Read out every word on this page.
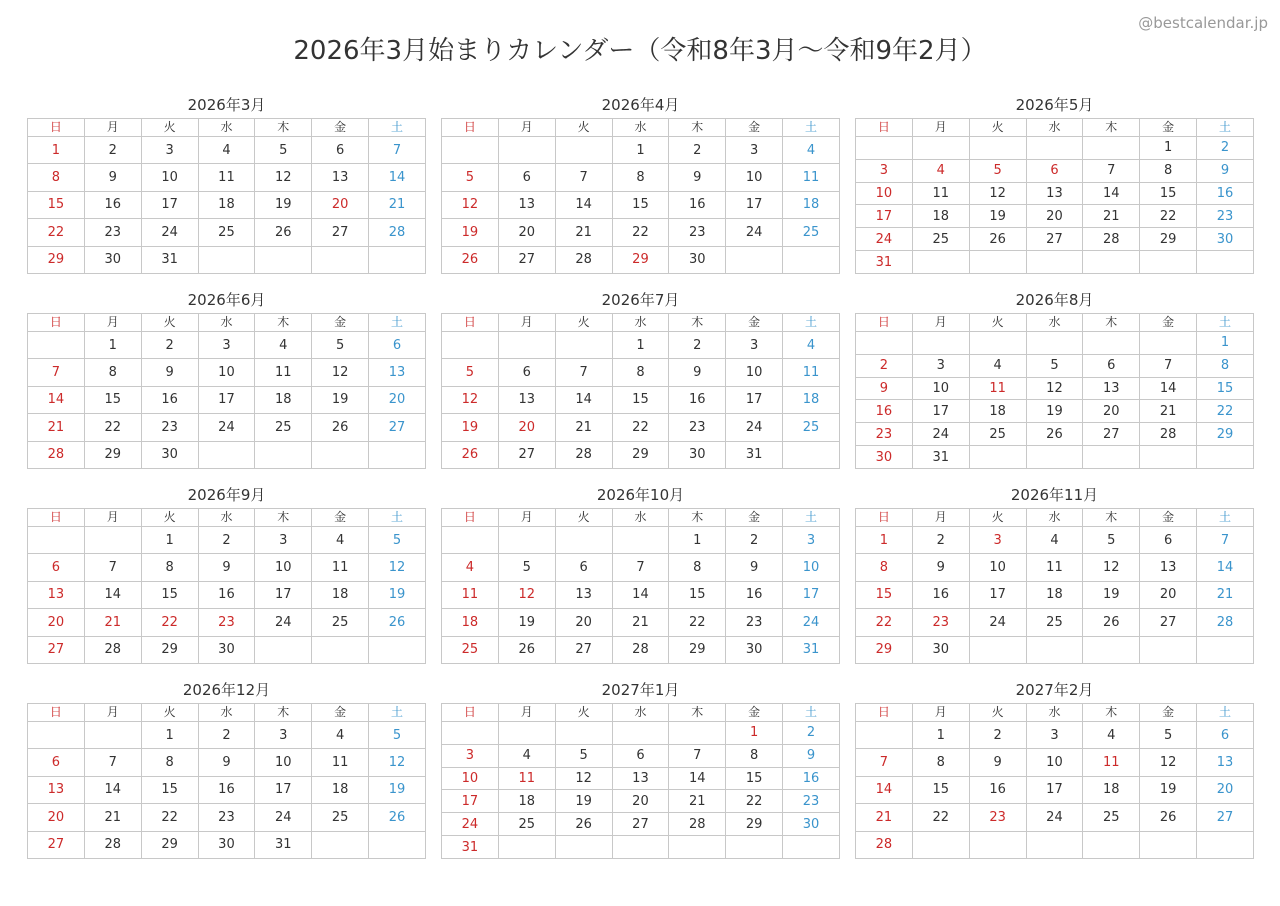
@bestcalendar.jp

2026年3月始まりカレンダー（令和8年3月〜令和9年2月）
2026年3月
日	月	火	水	木	金	土
1	2	3	4	5	6	7
8	9	10	11	12	13	14
15	16	17	18	19	20	21
22	23	24	25	26	27	28
29	30	31				
2026年4月
日	月	火	水	木	金	土
			1	2	3	4
5	6	7	8	9	10	11
12	13	14	15	16	17	18
19	20	21	22	23	24	25
26	27	28	29	30		
2026年5月
日	月	火	水	木	金	土
					1	2
3	4	5	6	7	8	9
10	11	12	13	14	15	16
17	18	19	20	21	22	23
24	25	26	27	28	29	30
31						
2026年6月
日	月	火	水	木	金	土
	1	2	3	4	5	6
7	8	9	10	11	12	13
14	15	16	17	18	19	20
21	22	23	24	25	26	27
28	29	30				
2026年7月
日	月	火	水	木	金	土
			1	2	3	4
5	6	7	8	9	10	11
12	13	14	15	16	17	18
19	20	21	22	23	24	25
26	27	28	29	30	31	
2026年8月
日	月	火	水	木	金	土
						1
2	3	4	5	6	7	8
9	10	11	12	13	14	15
16	17	18	19	20	21	22
23	24	25	26	27	28	29
30	31					
2026年9月
日	月	火	水	木	金	土
		1	2	3	4	5
6	7	8	9	10	11	12
13	14	15	16	17	18	19
20	21	22	23	24	25	26
27	28	29	30			
2026年10月
日	月	火	水	木	金	土
				1	2	3
4	5	6	7	8	9	10
11	12	13	14	15	16	17
18	19	20	21	22	23	24
25	26	27	28	29	30	31
2026年11月
日	月	火	水	木	金	土
1	2	3	4	5	6	7
8	9	10	11	12	13	14
15	16	17	18	19	20	21
22	23	24	25	26	27	28
29	30					
2026年12月
日	月	火	水	木	金	土
		1	2	3	4	5
6	7	8	9	10	11	12
13	14	15	16	17	18	19
20	21	22	23	24	25	26
27	28	29	30	31		
2027年1月
日	月	火	水	木	金	土
					1	2
3	4	5	6	7	8	9
10	11	12	13	14	15	16
17	18	19	20	21	22	23
24	25	26	27	28	29	30
31						
2027年2月
日	月	火	水	木	金	土
	1	2	3	4	5	6
7	8	9	10	11	12	13
14	15	16	17	18	19	20
21	22	23	24	25	26	27
28						
